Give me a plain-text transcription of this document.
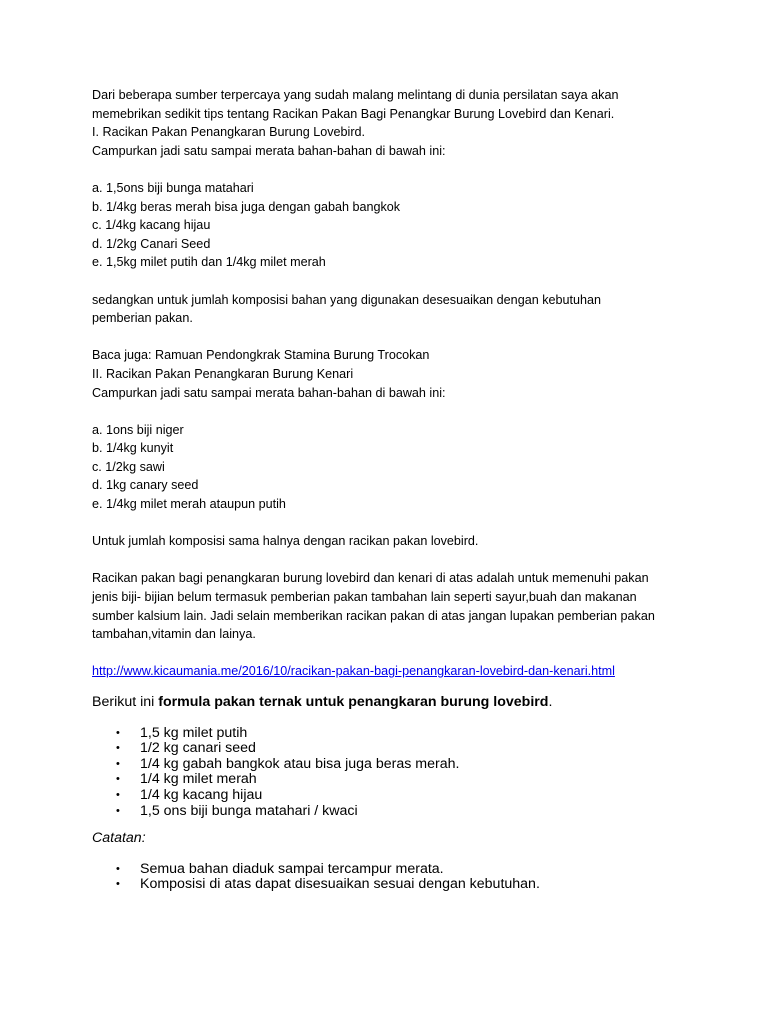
Dari beberapa sumber terpercaya yang sudah malang melintang di dunia persilatan saya akan

memebrikan sedikit tips tentang Racikan Pakan Bagi Penangkar Burung Lovebird dan Kenari.

I. Racikan Pakan Penangkaran Burung Lovebird.

Campurkan jadi satu sampai merata bahan-bahan di bawah ini:

a. 1,5ons biji bunga matahari

b. 1/4kg beras merah bisa juga dengan gabah bangkok

c. 1/4kg kacang hijau

d. 1/2kg Canari Seed

e. 1,5kg milet putih dan 1/4kg milet merah

sedangkan untuk jumlah komposisi bahan yang digunakan desesuaikan dengan kebutuhan

pemberian pakan.

Baca juga: Ramuan Pendongkrak Stamina Burung Trocokan

II. Racikan Pakan Penangkaran Burung Kenari

Campurkan jadi satu sampai merata bahan-bahan di bawah ini:

a. 1ons biji niger

b. 1/4kg kunyit

c. 1/2kg sawi

d. 1kg canary seed

e. 1/4kg milet merah ataupun putih

Untuk jumlah komposisi sama halnya dengan racikan pakan lovebird.

Racikan pakan bagi penangkaran burung lovebird dan kenari di atas adalah untuk memenuhi pakan

jenis biji- bijian belum termasuk pemberian pakan tambahan lain seperti sayur,buah dan makanan

sumber kalsium lain. Jadi selain memberikan racikan pakan di atas jangan lupakan pemberian pakan

tambahan,vitamin dan lainya.

http://www.kicaumania.me/2016/10/racikan-pakan-bagi-penangkaran-lovebird-dan-kenari.html

Berikut ini formula pakan ternak untuk penangkaran burung lovebird.

• 1,5 kg milet putih
• 1/2 kg canari seed
• 1/4 kg gabah bangkok atau bisa juga beras merah.
• 1/4 kg milet merah
• 1/4 kg kacang hijau
• 1,5 ons biji bunga matahari / kwaci

Catatan:

• Semua bahan diaduk sampai tercampur merata.
• Komposisi di atas dapat disesuaikan sesuai dengan kebutuhan.
